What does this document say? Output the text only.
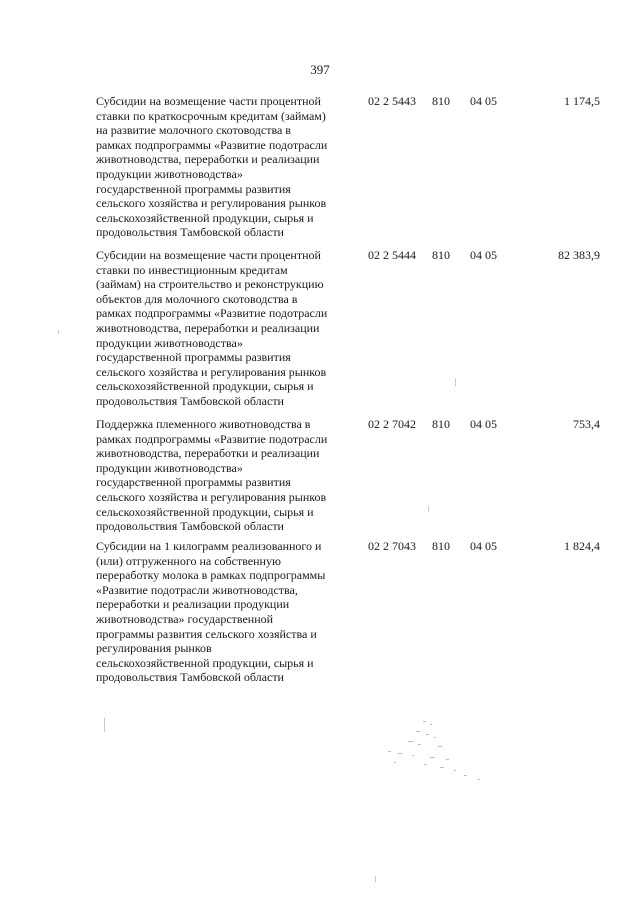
397
Субсидии на возмещение части процентной
ставки по краткосрочным кредитам (займам)
на развитие молочного скотоводства в
рамках подпрограммы «Развитие подотрасли
животноводства, переработки и реализации
продукции животноводства»
государственной программы развития
сельского хозяйства и регулирования рынков
сельскохозяйственной продукции, сырья и
продовольствия Тамбовской области
02 2 5443 810 04 05	1 174,5
Субсидии на возмещение части процентной
ставки по инвестиционным кредитам
(займам) на строительство и реконструкцию
объектов для молочного скотоводства в
рамках подпрограммы «Развитие подотрасли
животноводства, переработки и реализации
продукции животноводства»
государственной программы развития
сельского хозяйства и регулирования рынков
сельскохозяйственной продукции, сырья и
продовольствия Тамбовской области
02 2 5444 810 04 05	82 383,9
Поддержка племенного животноводства в
рамках подпрограммы «Развитие подотрасли
животноводства, переработки и реализации
продукции животноводства»
государственной программы развития
сельского хозяйства и регулирования рынков
сельскохозяйственной продукции, сырья и
продовольствия Тамбовской области
02 2 7042 810 04 05	753,4
Субсидии на 1 килограмм реализованного и
(или) отгруженного на собственную
переработку молока в рамках подпрограммы
«Развитие подотрасли животноводства,
переработки и реализации продукции
животноводства» государственной
программы развития сельского хозяйства и
регулирования рынков
сельскохозяйственной продукции, сырья и
продовольствия Тамбовской области
02 2 7043 810 04 05	1 824,4
